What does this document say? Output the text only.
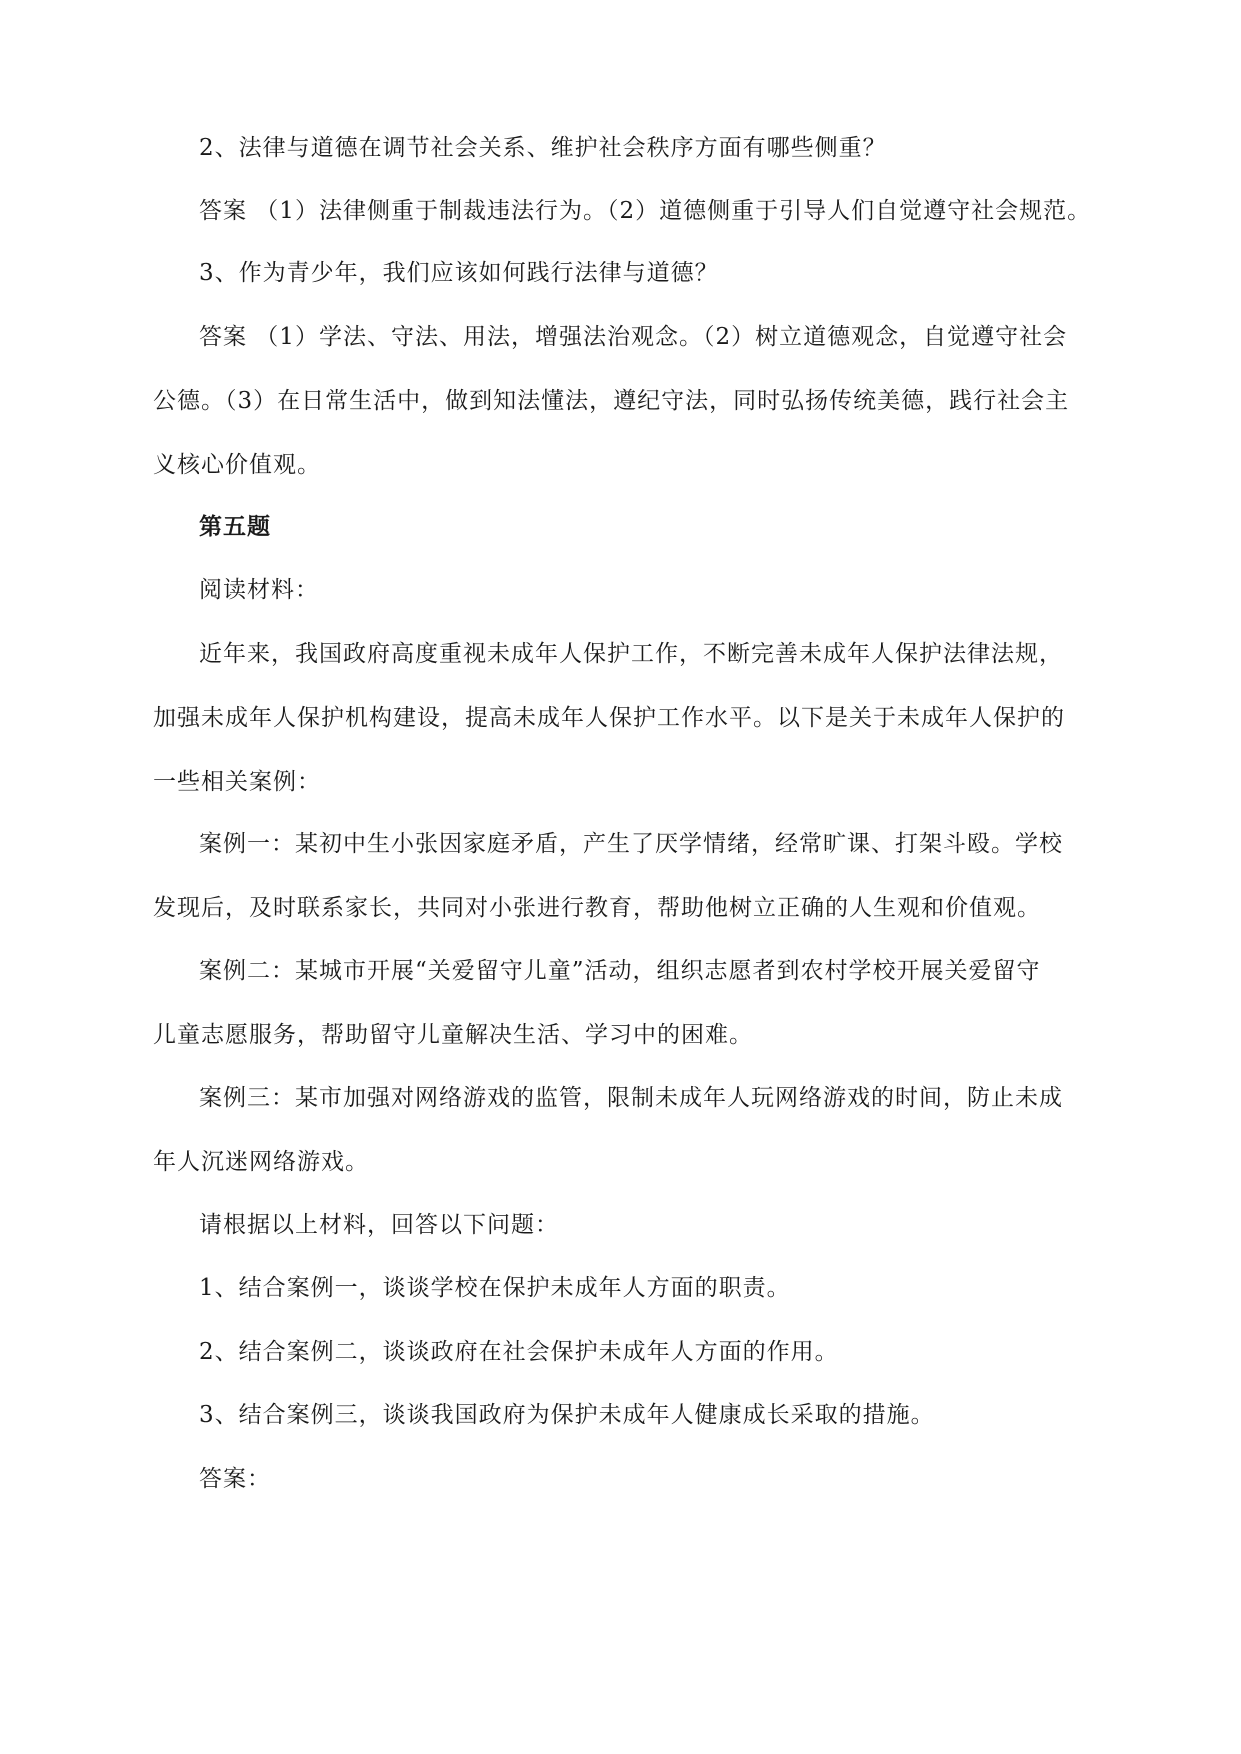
2、法律与道德在调节社会关系、维护社会秩序方面有哪些侧重？

答案 （1）法律侧重于制裁违法行为。（2）道德侧重于引导人们自觉遵守社会规范。

3、作为青少年，我们应该如何践行法律与道德？

答案 （1）学法、守法、用法，增强法治观念。（2）树立道德观念，自觉遵守社会
公德。（3）在日常生活中，做到知法懂法，遵纪守法，同时弘扬传统美德，践行社会主
义核心价值观。

第五题

阅读材料：

近年来，我国政府高度重视未成年人保护工作，不断完善未成年人保护法律法规，
加强未成年人保护机构建设，提高未成年人保护工作水平。以下是关于未成年人保护的
一些相关案例：

案例一：某初中生小张因家庭矛盾，产生了厌学情绪，经常旷课、打架斗殴。学校
发现后，及时联系家长，共同对小张进行教育，帮助他树立正确的人生观和价值观。

案例二：某城市开展“关爱留守儿童”活动，组织志愿者到农村学校开展关爱留守
儿童志愿服务，帮助留守儿童解决生活、学习中的困难。

案例三：某市加强对网络游戏的监管，限制未成年人玩网络游戏的时间，防止未成
年人沉迷网络游戏。

请根据以上材料，回答以下问题：

1、结合案例一，谈谈学校在保护未成年人方面的职责。

2、结合案例二，谈谈政府在社会保护未成年人方面的作用。

3、结合案例三，谈谈我国政府为保护未成年人健康成长采取的措施。

答案：
